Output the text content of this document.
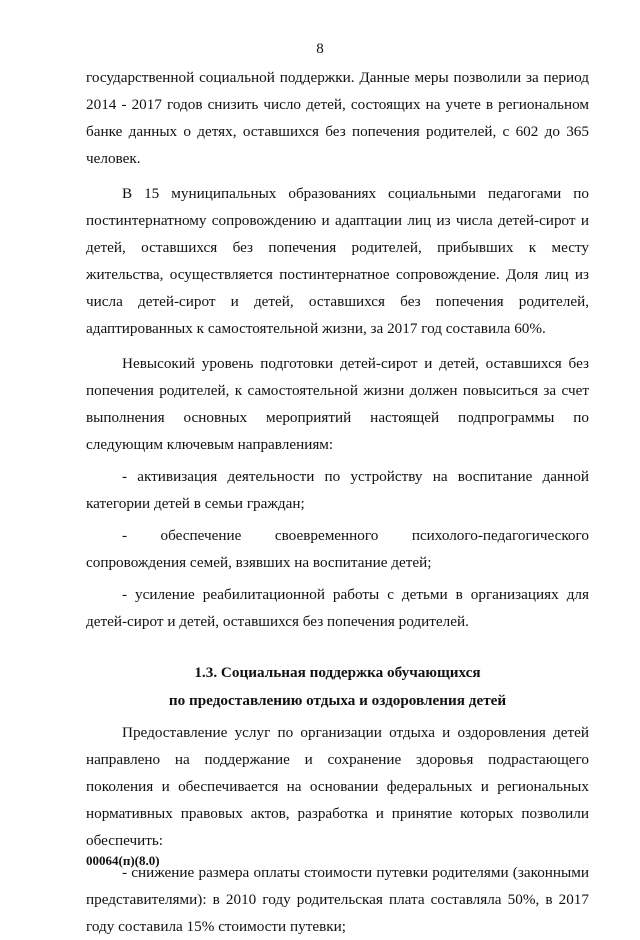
8

государственной социальной поддержки. Данные меры позволили за период 2014 - 2017 годов снизить число детей, состоящих на учете в региональном банке данных о детях, оставшихся без попечения родителей, с 602 до 365 человек.

В 15 муниципальных образованиях социальными педагогами по постинтернатному сопровождению и адаптации лиц из числа детей-сирот и детей, оставшихся без попечения родителей, прибывших к месту жительства, осуществляется постинтернатное сопровождение. Доля лиц из числа детей-сирот и детей, оставшихся без попечения родителей, адаптированных к самостоятельной жизни, за 2017 год составила 60%.

Невысокий уровень подготовки детей-сирот и детей, оставшихся без попечения родителей, к самостоятельной жизни должен повыситься за счет выполнения основных мероприятий настоящей подпрограммы по следующим ключевым направлениям:

- активизация деятельности по устройству на воспитание данной категории детей в семьи граждан;

- обеспечение своевременного психолого-педагогического

сопровождения семей, взявших на воспитание детей;

- усиление реабилитационной работы с детьми в организациях для детей-сирот и детей, оставшихся без попечения родителей.

1.3. Социальная поддержка обучающихся
по предоставлению отдыха и оздоровления детей

Предоставление услуг по организации отдыха и оздоровления детей направлено на поддержание и сохранение здоровья подрастающего поколения и обеспечивается на основании федеральных и региональных нормативных правовых актов, разработка и принятие которых позволили обеспечить:

- снижение размера оплаты стоимости путевки родителями (законными представителями): в 2010 году родительская плата составляла 50%, в 2017 году составила 15% стоимости путевки;

00064(п)(8.0)
